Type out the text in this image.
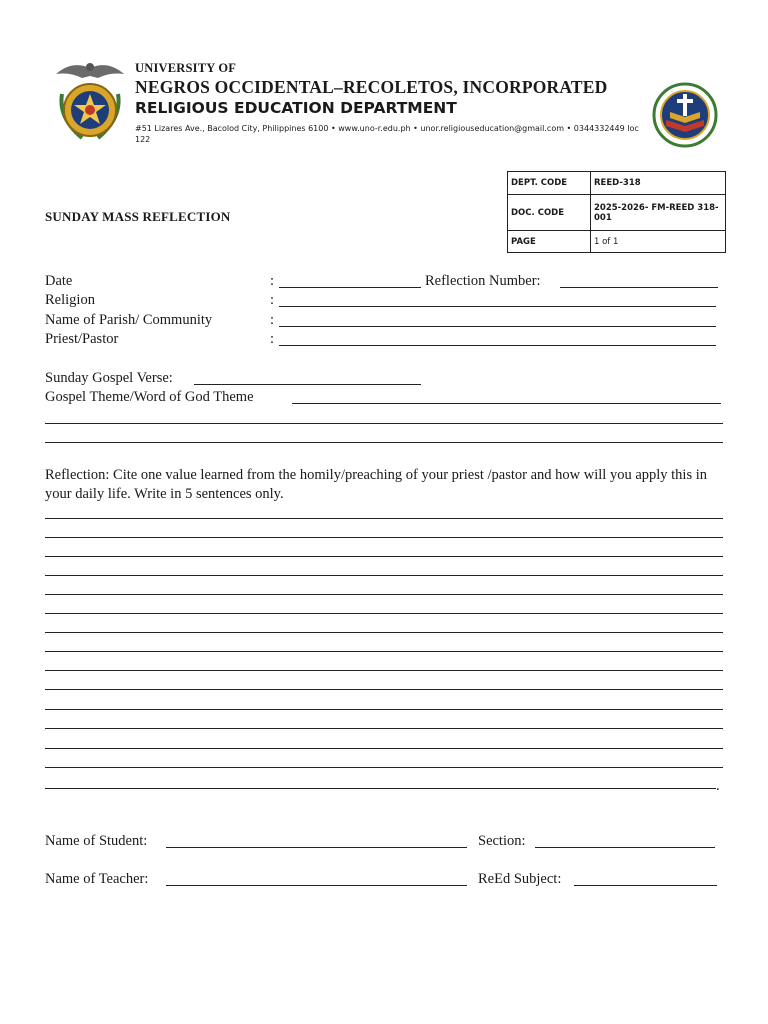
UNIVERSITY OF
NEGROS OCCIDENTAL–RECOLETOS, INCORPORATED
RELIGIOUS EDUCATION DEPARTMENT
#51 Lizares Ave., Bacolod City, Philippines 6100 • www.uno-r.edu.ph • unor.religiouseducation@gmail.com • 0344332449 loc 122
DEPT. CODE	REED-318
DOC. CODE	2025-2026- FM-REED 318-001
PAGE	1 of 1
SUNDAY MASS REFLECTION
Date	:	Reflection Number:
Religion	:
Name of Parish/ Community	:
Priest/Pastor	:
Sunday Gospel Verse:
Gospel Theme/Word of God Theme
Reflection: Cite one value learned from the homily/preaching of your priest /pastor and how will you apply this in your daily life. Write in 5 sentences only.
.
Name of Student:	Section:
Name of Teacher:	ReEd Subject:
